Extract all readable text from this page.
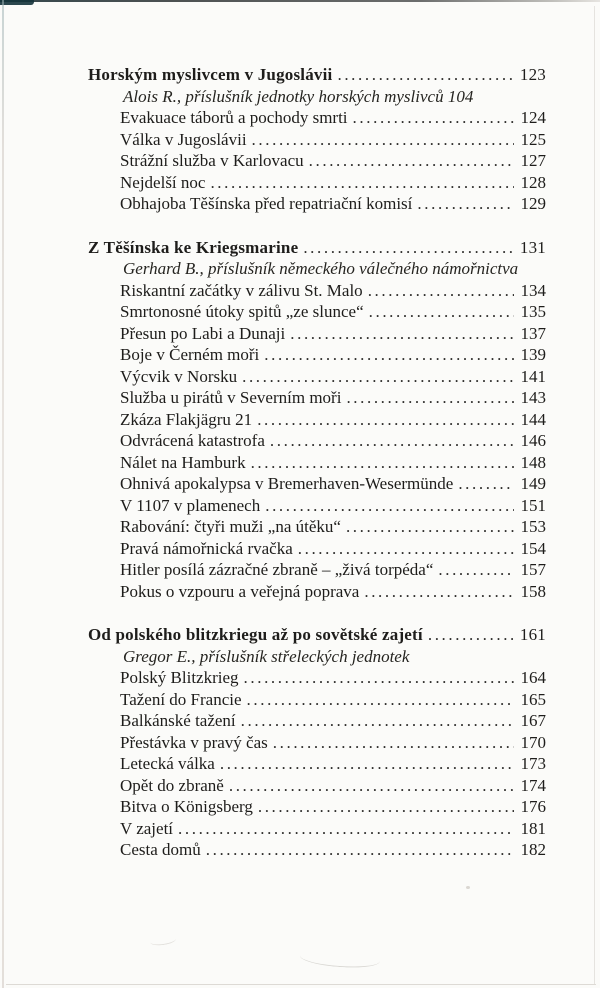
Horským myslivcem v Jugoslávii .....	123
Alois R., příslušník jednotky horských myslivců 104
Evakuace táborů a pochody smrti .....	124
Válka v Jugoslávii .....	125
Strážní služba v Karlovacu .....	127
Nejdelší noc .....	128
Obhajoba Těšínska před repatriační komisí .....	129
Z Těšínska ke Kriegsmarine .....	131
Gerhard B., příslušník německého válečného námořnictva
Riskantní začátky v zálivu St. Malo .....	134
Smrtonosné útoky spitů „ze slunce“ .....	135
Přesun po Labi a Dunaji .....	137
Boje v Černém moři .....	139
Výcvik v Norsku .....	141
Služba u pirátů v Severním moři .....	143
Zkáza Flakjägru 21 .....	144
Odvrácená katastrofa .....	146
Nálet na Hamburk .....	148
Ohnivá apokalypsa v Bremerhaven-Wesermünde .....	149
V 1107 v plamenech .....	151
Rabování: čtyři muži „na útěku“ .....	153
Pravá námořnická rvačka .....	154
Hitler posílá zázračné zbraně – „živá torpéda“ .....	157
Pokus o vzpouru a veřejná poprava .....	158
Od polského blitzkriegu až po sovětské zajetí .....	161
Gregor E., příslušník střeleckých jednotek
Polský Blitzkrieg .....	164
Tažení do Francie .....	165
Balkánské tažení .....	167
Přestávka v pravý čas .....	170
Letecká válka .....	173
Opět do zbraně .....	174
Bitva o Königsberg .....	176
V zajetí .....	181
Cesta domů .....	182
